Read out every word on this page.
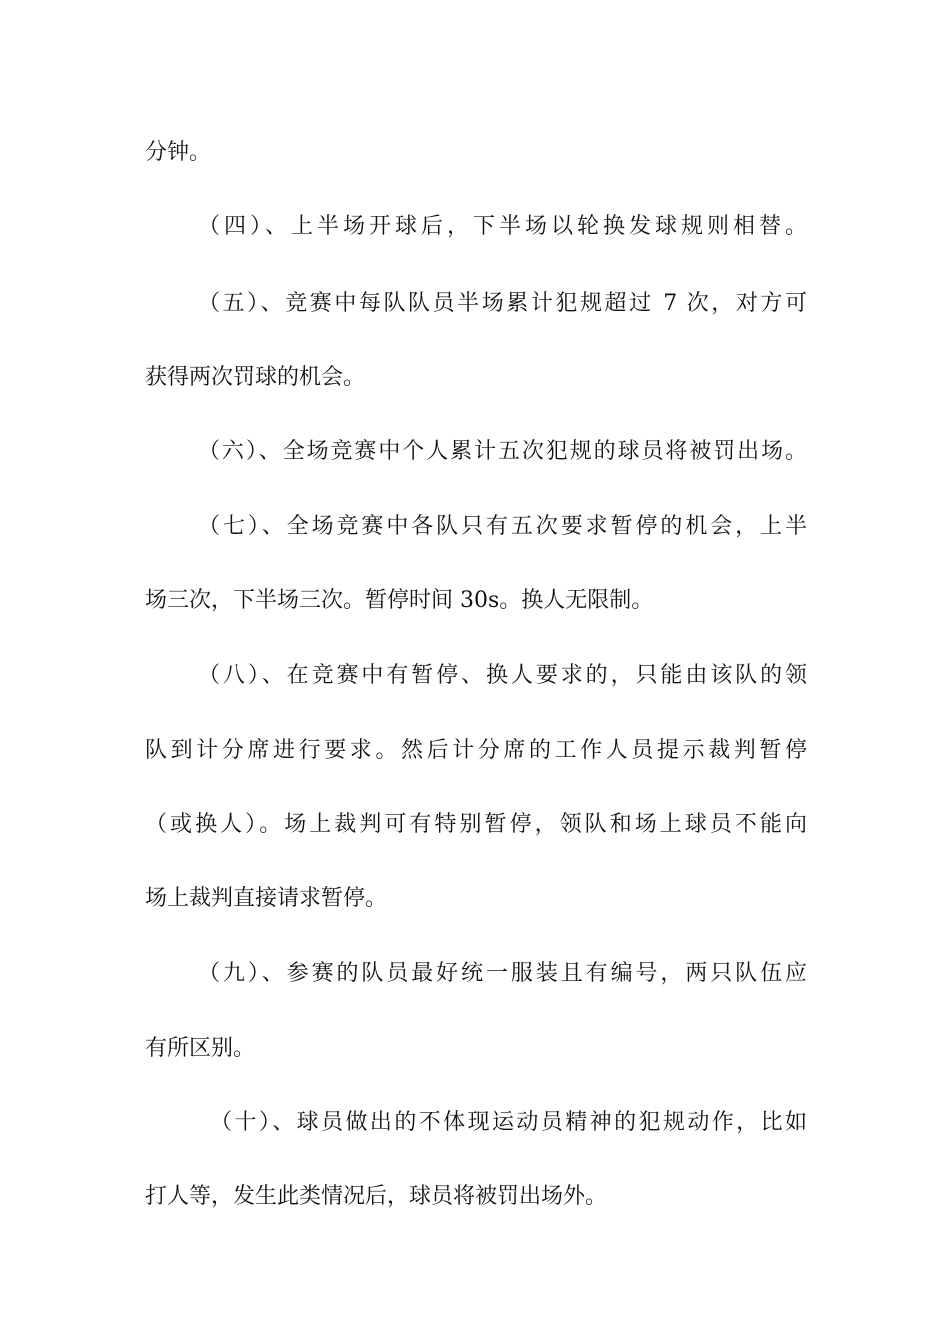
分钟。
（四）、上半场开球后，下半场以轮换发球规则相替。
（五）、竞赛中每队队员半场累计犯规超过 7 次，对方可
获得两次罚球的机会。
（六）、全场竞赛中个人累计五次犯规的球员将被罚出场。
（七）、全场竞赛中各队只有五次要求暂停的机会，上半
场三次，下半场三次。暂停时间 30s。换人无限制。
（八）、在竞赛中有暂停、换人要求的，只能由该队的领
队到计分席进行要求。然后计分席的工作人员提示裁判暂停
（或换人）。场上裁判可有特别暂停，领队和场上球员不能向
场上裁判直接请求暂停。
（九）、参赛的队员最好统一服装且有编号，两只队伍应
有所区别。
（十）、球员做出的不体现运动员精神的犯规动作，比如
打人等，发生此类情况后，球员将被罚出场外。
